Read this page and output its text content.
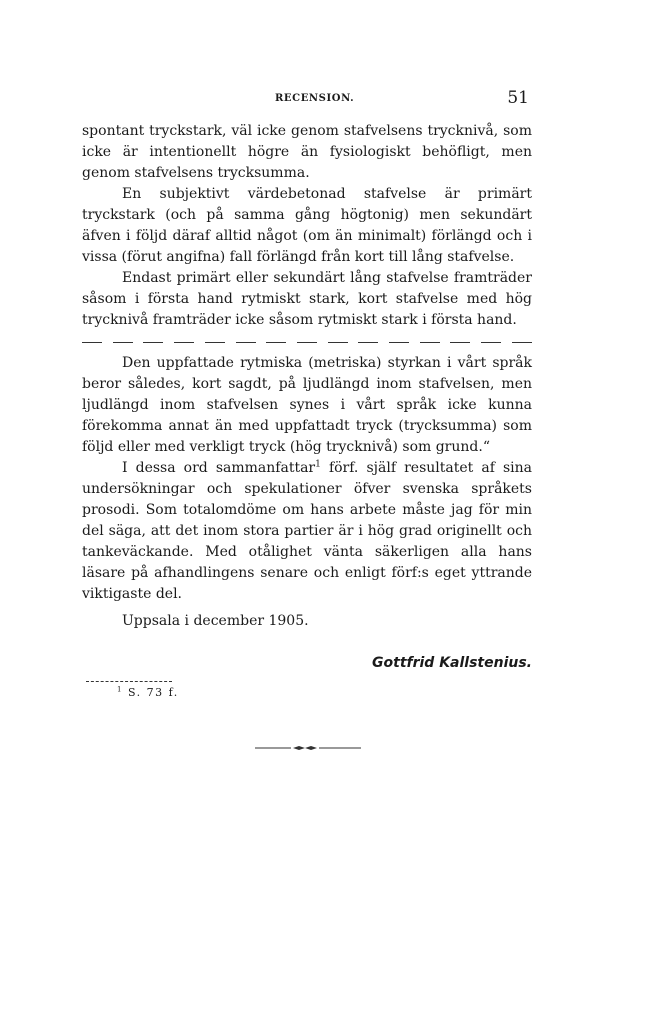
RECENSION.	51

spontant tryckstark, väl icke genom stafvelsens trycknivå, som icke är intentionellt högre än fysiologiskt behöfligt, men genom stafvelsens trycksumma.

En subjektivt värdebetonad stafvelse är primärt tryckstark (och på samma gång högtonig) men sekundärt äfven i följd däraf alltid något (om än minimalt) förlängd och i vissa (förut angifna) fall förlängd från kort till lång stafvelse.

Endast primärt eller sekundärt lång stafvelse framträder såsom i första hand rytmiskt stark, kort stafvelse med hög trycknivå framträder icke såsom rytmiskt stark i första hand.

Den uppfattade rytmiska (metriska) styrkan i vårt språk beror således, kort sagdt, på ljudlängd inom stafvelsen, men ljudlängd inom stafvelsen synes i vårt språk icke kunna förekomma annat än med uppfattadt tryck (trycksumma) som följd eller med verkligt tryck (hög trycknivå) som grund.“

I dessa ord sammanfattar$^1$ förf. själf resultatet af sina undersökningar och spekulationer öfver svenska språkets prosodi. Som totalomdöme om hans arbete måste jag för min del säga, att det inom stora partier är i hög grad originellt och tankeväckande. Med otålighet vänta säkerligen alla hans läsare på afhandlingens senare och enligt förf:s eget yttrande viktigaste del.

Uppsala i december 1905.

Gottfrid Kallstenius.
$^1$ S. 73 f.
